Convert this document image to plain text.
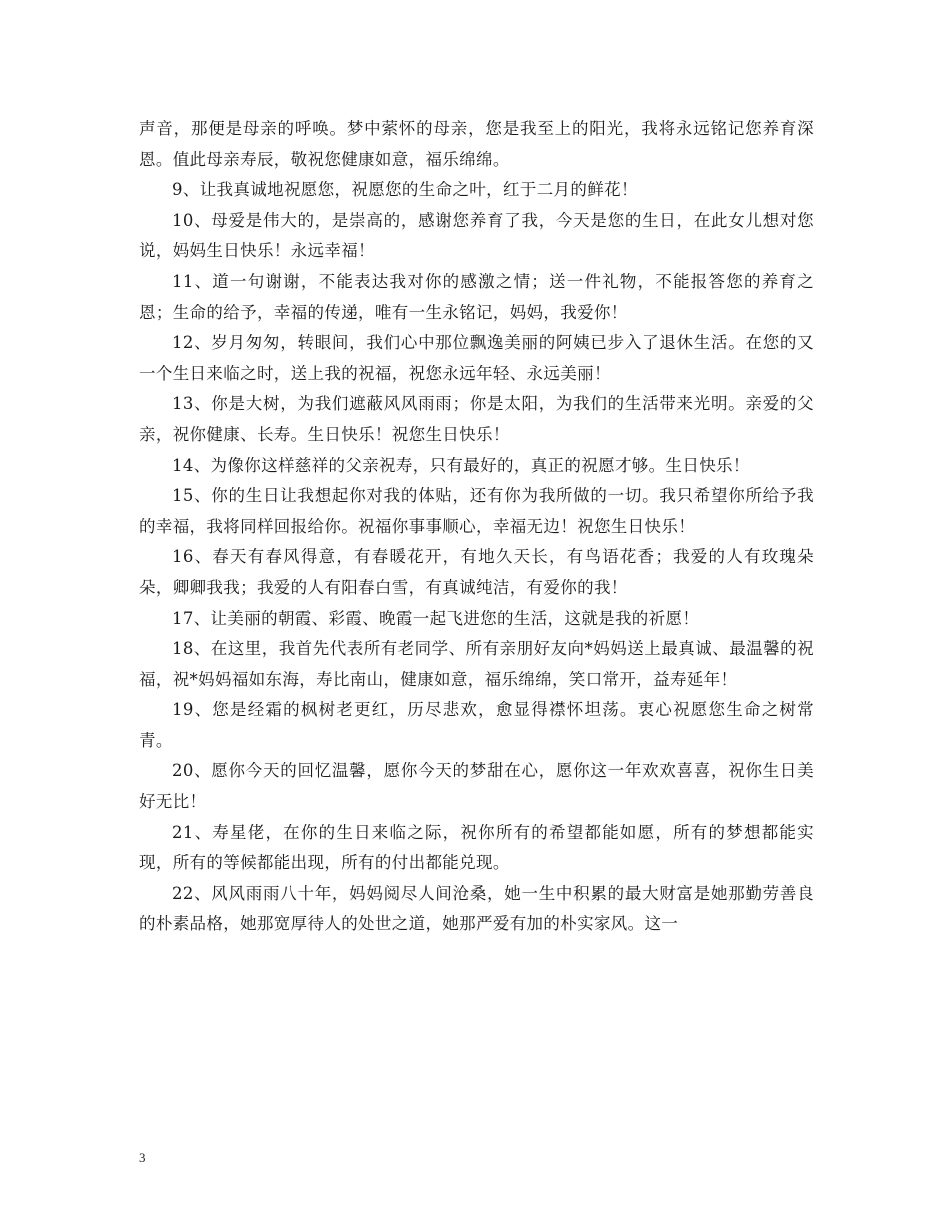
声音，那便是母亲的呼唤。梦中萦怀的母亲，您是我至上的阳光，我将永远铭记您养育深恩。值此母亲寿辰，敬祝您健康如意，福乐绵绵。

9、让我真诚地祝愿您，祝愿您的生命之叶，红于二月的鲜花！

10、母爱是伟大的，是崇高的，感谢您养育了我，今天是您的生日，在此女儿想对您说，妈妈生日快乐！永远幸福！

11、道一句谢谢，不能表达我对你的感激之情；送一件礼物，不能报答您的养育之恩；生命的给予，幸福的传递，唯有一生永铭记，妈妈，我爱你！

12、岁月匆匆，转眼间，我们心中那位飘逸美丽的阿姨已步入了退休生活。在您的又一个生日来临之时，送上我的祝福，祝您永远年轻、永远美丽！

13、你是大树，为我们遮蔽风风雨雨；你是太阳，为我们的生活带来光明。亲爱的父亲，祝你健康、长寿。生日快乐！祝您生日快乐！

14、为像你这样慈祥的父亲祝寿，只有最好的，真正的祝愿才够。生日快乐！

15、你的生日让我想起你对我的体贴，还有你为我所做的一切。我只希望你所给予我的幸福，我将同样回报给你。祝福你事事顺心，幸福无边！祝您生日快乐！

16、春天有春风得意，有春暖花开，有地久天长，有鸟语花香；我爱的人有玫瑰朵朵，卿卿我我；我爱的人有阳春白雪，有真诚纯洁，有爱你的我！

17、让美丽的朝霞、彩霞、晚霞一起飞进您的生活，这就是我的祈愿！

18、在这里，我首先代表所有老同学、所有亲朋好友向*妈妈送上最真诚、最温馨的祝福，祝*妈妈福如东海，寿比南山，健康如意，福乐绵绵，笑口常开，益寿延年！

19、您是经霜的枫树老更红，历尽悲欢，愈显得襟怀坦荡。衷心祝愿您生命之树常青。

20、愿你今天的回忆温馨，愿你今天的梦甜在心，愿你这一年欢欢喜喜，祝你生日美好无比！

21、寿星佬，在你的生日来临之际，祝你所有的希望都能如愿，所有的梦想都能实现，所有的等候都能出现，所有的付出都能兑现。

22、风风雨雨八十年，妈妈阅尽人间沧桑，她一生中积累的最大财富是她那勤劳善良的朴素品格，她那宽厚待人的处世之道，她那严爱有加的朴实家风。这一

3
